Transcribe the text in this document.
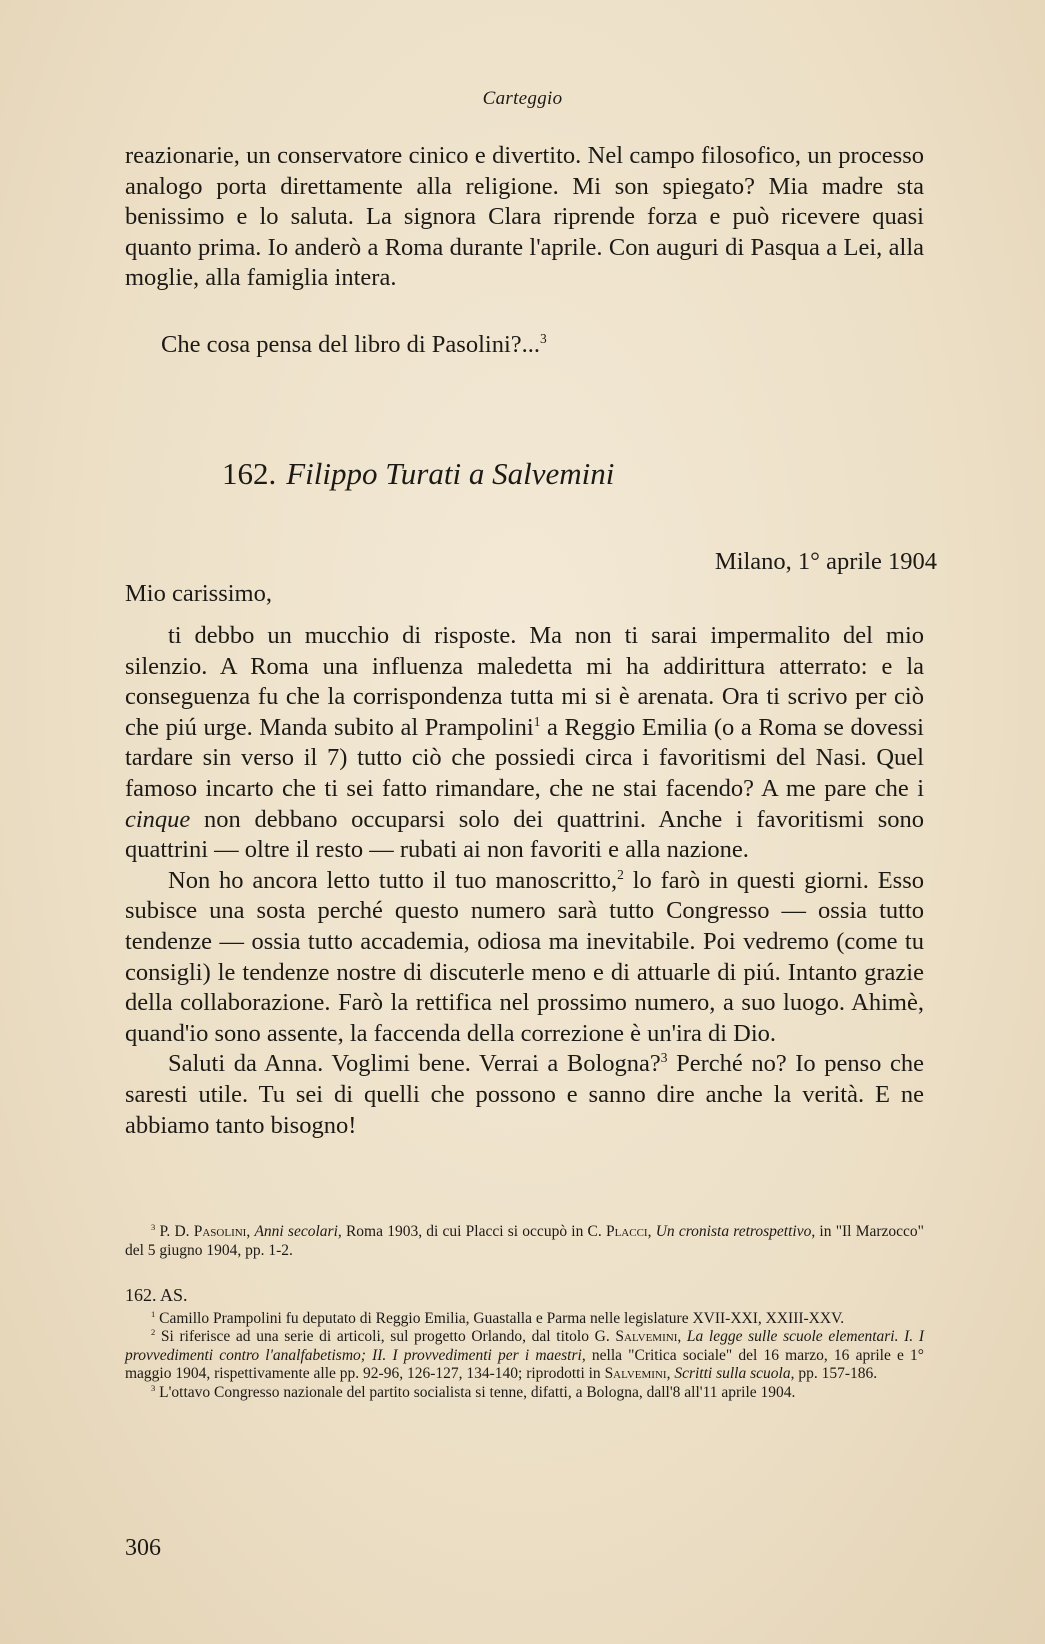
Carteggio

reazionarie, un conservatore cinico e divertito. Nel campo filosofico, un processo analogo porta direttamente alla religione. Mi son spiegato? Mia madre sta benissimo e lo saluta. La signora Clara riprende forza e può ricevere quasi quanto prima. Io anderò a Roma durante l'aprile. Con auguri di Pasqua a Lei, alla moglie, alla famiglia intera.

Che cosa pensa del libro di Pasolini?...$^3$

162. Filippo Turati a Salvemini
Milano, 1° aprile 1904
Mio carissimo,

ti debbo un mucchio di risposte. Ma non ti sarai impermalito del mio silenzio. A Roma una influenza maledetta mi ha addirittura atterrato: e la conseguenza fu che la corrispondenza tutta mi si è arenata. Ora ti scrivo per ciò che piú urge. Manda subito al Prampolini$^1$ a Reggio Emilia (o a Roma se dovessi tardare sin verso il 7) tutto ciò che possiedi circa i favoritismi del Nasi. Quel famoso incarto che ti sei fatto rimandare, che ne stai facendo? A me pare che i cinque non debbano occuparsi solo dei quattrini. Anche i favoritismi sono quattrini — oltre il resto — rubati ai non favoriti e alla nazione.

Non ho ancora letto tutto il tuo manoscritto,$^2$ lo farò in questi giorni. Esso subisce una sosta perché questo numero sarà tutto Congresso — ossia tutto tendenze — ossia tutto accademia, odiosa ma inevitabile. Poi vedremo (come tu consigli) le tendenze nostre di discuterle meno e di attuarle di piú. Intanto grazie della collaborazione. Farò la rettifica nel prossimo numero, a suo luogo. Ahimè, quand'io sono assente, la faccenda della correzione è un'ira di Dio.

Saluti da Anna. Voglimi bene. Verrai a Bologna?$^3$ Perché no? Io penso che saresti utile. Tu sei di quelli che possono e sanno dire anche la verità. E ne abbiamo tanto bisogno!

$^3$ P. D. Pasolini, Anni secolari, Roma 1903, di cui Placci si occupò in C. Placci, Un cronista retrospettivo, in "Il Marzocco" del 5 giugno 1904, pp. 1-2.

162. AS.

$^1$ Camillo Prampolini fu deputato di Reggio Emilia, Guastalla e Parma nelle legislature XVII-XXI, XXIII-XXV.

$^2$ Si riferisce ad una serie di articoli, sul progetto Orlando, dal titolo G. Salvemini, La legge sulle scuole elementari. I. I provvedimenti contro l'analfabetismo; II. I provvedimenti per i maestri, nella "Critica sociale" del 16 marzo, 16 aprile e 1° maggio 1904, rispettivamente alle pp. 92-96, 126-127, 134-140; riprodotti in Salvemini, Scritti sulla scuola, pp. 157-186.

$^3$ L'ottavo Congresso nazionale del partito socialista si tenne, difatti, a Bologna, dall'8 all'11 aprile 1904.

306
